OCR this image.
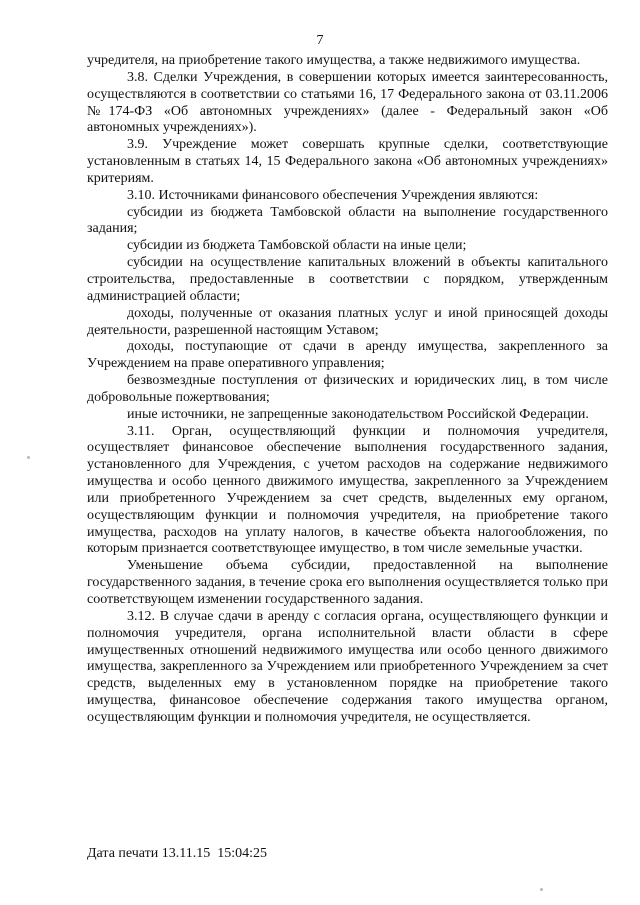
7

учредителя, на приобретение такого имущества, а также недвижимого имущества.

3.8. Сделки Учреждения, в совершении которых имеется заинтересованность, осуществляются в соответствии со статьями 16, 17 Федерального закона от 03.11.2006 №174-ФЗ «Об автономных учреждениях» (далее - Федеральный закон «Об автономных учреждениях»).

3.9. Учреждение может совершать крупные сделки, соответствующие установленным в статьях 14, 15 Федерального закона «Об автономных учреждениях» критериям.

3.10. Источниками финансового обеспечения Учреждения являются:

субсидии из бюджета Тамбовской области на выполнение государственного задания;

субсидии из бюджета Тамбовской области на иные цели;

субсидии на осуществление капитальных вложений в объекты капитального строительства, предоставленные в соответствии с порядком, утвержденным администрацией области;

доходы, полученные от оказания платных услуг и иной приносящей доходы деятельности, разрешенной настоящим Уставом;

доходы, поступающие от сдачи в аренду имущества, закрепленного за Учреждением на праве оперативного управления;

безвозмездные поступления от физических и юридических лиц, в том числе добровольные пожертвования;

иные источники, не запрещенные законодательством Российской Федерации.

3.11. Орган, осуществляющий функции и полномочия учредителя, осуществляет финансовое обеспечение выполнения государственного задания, установленного для Учреждения, с учетом расходов на содержание недвижимого имущества и особо ценного движимого имущества, закрепленного за Учреждением или приобретенного Учреждением за счет средств, выделенных ему органом, осуществляющим функции и полномочия учредителя, на приобретение такого имущества, расходов на уплату налогов, в качестве объекта налогообложения, по которым признается соответствующее имущество, в том числе земельные участки.

Уменьшение объема субсидии, предоставленной на выполнение государственного задания, в течение срока его выполнения осуществляется только при соответствующем изменении государственного задания.

3.12. В случае сдачи в аренду с согласия органа, осуществляющего функции и полномочия учредителя, органа исполнительной власти области в сфере имущественных отношений недвижимого имущества или особо ценного движимого имущества, закрепленного за Учреждением или приобретенного Учреждением за счет средств, выделенных ему в установленном порядке на приобретение такого имущества, финансовое обеспечение содержания такого имущества органом, осуществляющим функции и полномочия учредителя, не осуществляется.

Дата печати 13.11.15  15:04:25
